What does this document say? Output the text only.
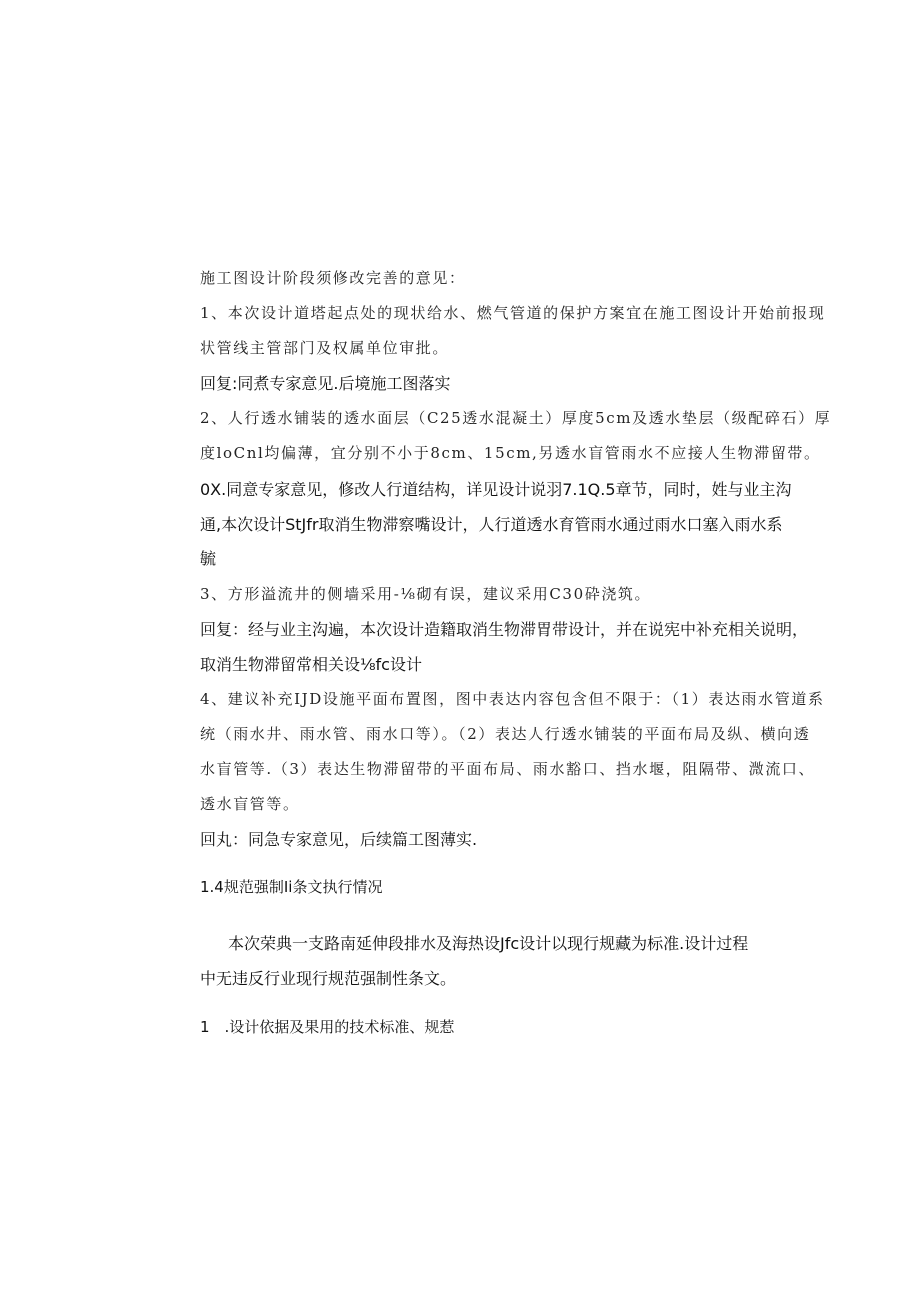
施工图设计阶段须修改完善的意见：
1、本次设计道塔起点处的现状给水、燃气管道的保护方案宜在施工图设计开始前报现
状管线主管部门及权属单位审批。
回复:同煮专家意见.后境施工图落实
2、人行透水铺装的透水面层（C25透水混凝土）厚度5cm及透水垫层（级配碎石）厚
度loCnl均偏薄，宜分别不小于8cm、15cm,另透水盲管雨水不应接人生物滞留带。
0X.同意专家意见，修改人行道结构，详见设计说羽7.1Q.5章节，同时，姓与业主沟
通,本次设计StJfr取消生物滞察嘴设计，人行道透水育管雨水通过雨水口塞入雨水系
毓
3、方形溢流井的侧墙采用-⅛砌有误，建议采用C30砕浇筑。
回复：经与业主沟遍，本次设计造籍取消生物滞胃带设计，并在说宪中补充相关说明，
取消生物滞留常相关设⅛fc设计
4、建议补充IJD设施平面布置图，图中表达内容包含但不限于：（1）表达雨水管道系
统（雨水井、雨水管、雨水口等）。（2）表达人行透水铺装的平面布局及纵、横向透
水盲管等.（3）表达生物滞留带的平面布局、雨水豁口、挡水堰，阻隔带、溦流口、
透水盲管等。
回丸：同急专家意见，后续篇工图薄实.
1.4规范强制Ii条文执行情况
本次荣典一支路南延伸段排水及海热设Jfc设计以现行规藏为标准.设计过程
中无违反行业现行规范强制性条文。
1　.设计依据及果用的技术标准、规惹
